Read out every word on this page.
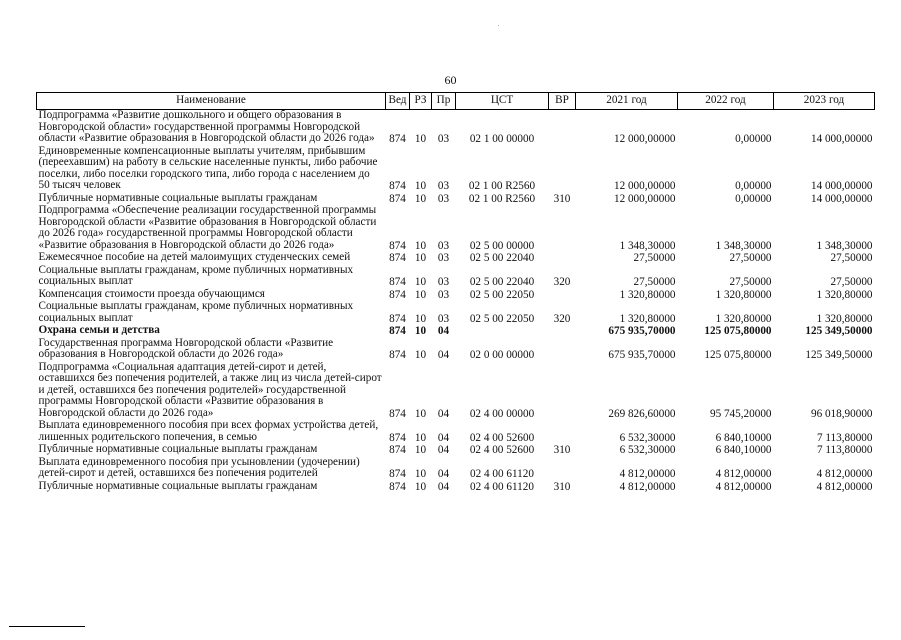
60
Наименование	Вед	РЗ	Пр	ЦСТ	ВР	2021 год	2022 год	2023 год
Подпрограмма «Развитие дошкольного и общего образования в Новгородской области» государственной программы Новгородской области «Развитие образования в Новгородской области до 2026 года»	874	10	03	02 1 00 00000		12 000,00000	0,00000	14 000,00000
Единовременные компенсационные выплаты учителям, прибывшим (переехавшим) на работу в сельские населенные пункты, либо рабочие поселки, либо поселки городского типа, либо города с населением до 50 тысяч человек	874	10	03	02 1 00 R2560		12 000,00000	0,00000	14 000,00000
Публичные нормативные социальные выплаты гражданам	874	10	03	02 1 00 R2560	310	12 000,00000	0,00000	14 000,00000
Подпрограмма «Обеспечение реализации государственной программы Новгородской области «Развитие образования в Новгородской области до 2026 года» государственной программы Новгородской области «Развитие образования в Новгородской области до 2026 года»	874	10	03	02 5 00 00000		1 348,30000	1 348,30000	1 348,30000
Ежемесячное пособие на детей малоимущих студенческих семей	874	10	03	02 5 00 22040		27,50000	27,50000	27,50000
Социальные выплаты гражданам, кроме публичных нормативных социальных выплат	874	10	03	02 5 00 22040	320	27,50000	27,50000	27,50000
Компенсация стоимости проезда обучающимся	874	10	03	02 5 00 22050		1 320,80000	1 320,80000	1 320,80000
Социальные выплаты гражданам, кроме публичных нормативных социальных выплат	874	10	03	02 5 00 22050	320	1 320,80000	1 320,80000	1 320,80000
Охрана семьи и детства	874	10	04			675 935,70000	125 075,80000	125 349,50000
Государственная программа Новгородской области «Развитие образования в Новгородской области до 2026 года»	874	10	04	02 0 00 00000		675 935,70000	125 075,80000	125 349,50000
Подпрограмма «Социальная адаптация детей-сирот и детей, оставшихся без попечения родителей, а также лиц из числа детей-сирот и детей, оставшихся без попечения родителей» государственной программы Новгородской области «Развитие образования в Новгородской области до 2026 года»	874	10	04	02 4 00 00000		269 826,60000	95 745,20000	96 018,90000
Выплата единовременного пособия при всех формах устройства детей, лишенных родительского попечения, в семью	874	10	04	02 4 00 52600		6 532,30000	6 840,10000	7 113,80000
Публичные нормативные социальные выплаты гражданам	874	10	04	02 4 00 52600	310	6 532,30000	6 840,10000	7 113,80000
Выплата единовременного пособия при усыновлении (удочерении) детей-сирот и детей, оставшихся без попечения родителей	874	10	04	02 4 00 61120		4 812,00000	4 812,00000	4 812,00000
Публичные нормативные социальные выплаты гражданам	874	10	04	02 4 00 61120	310	4 812,00000	4 812,00000	4 812,00000
